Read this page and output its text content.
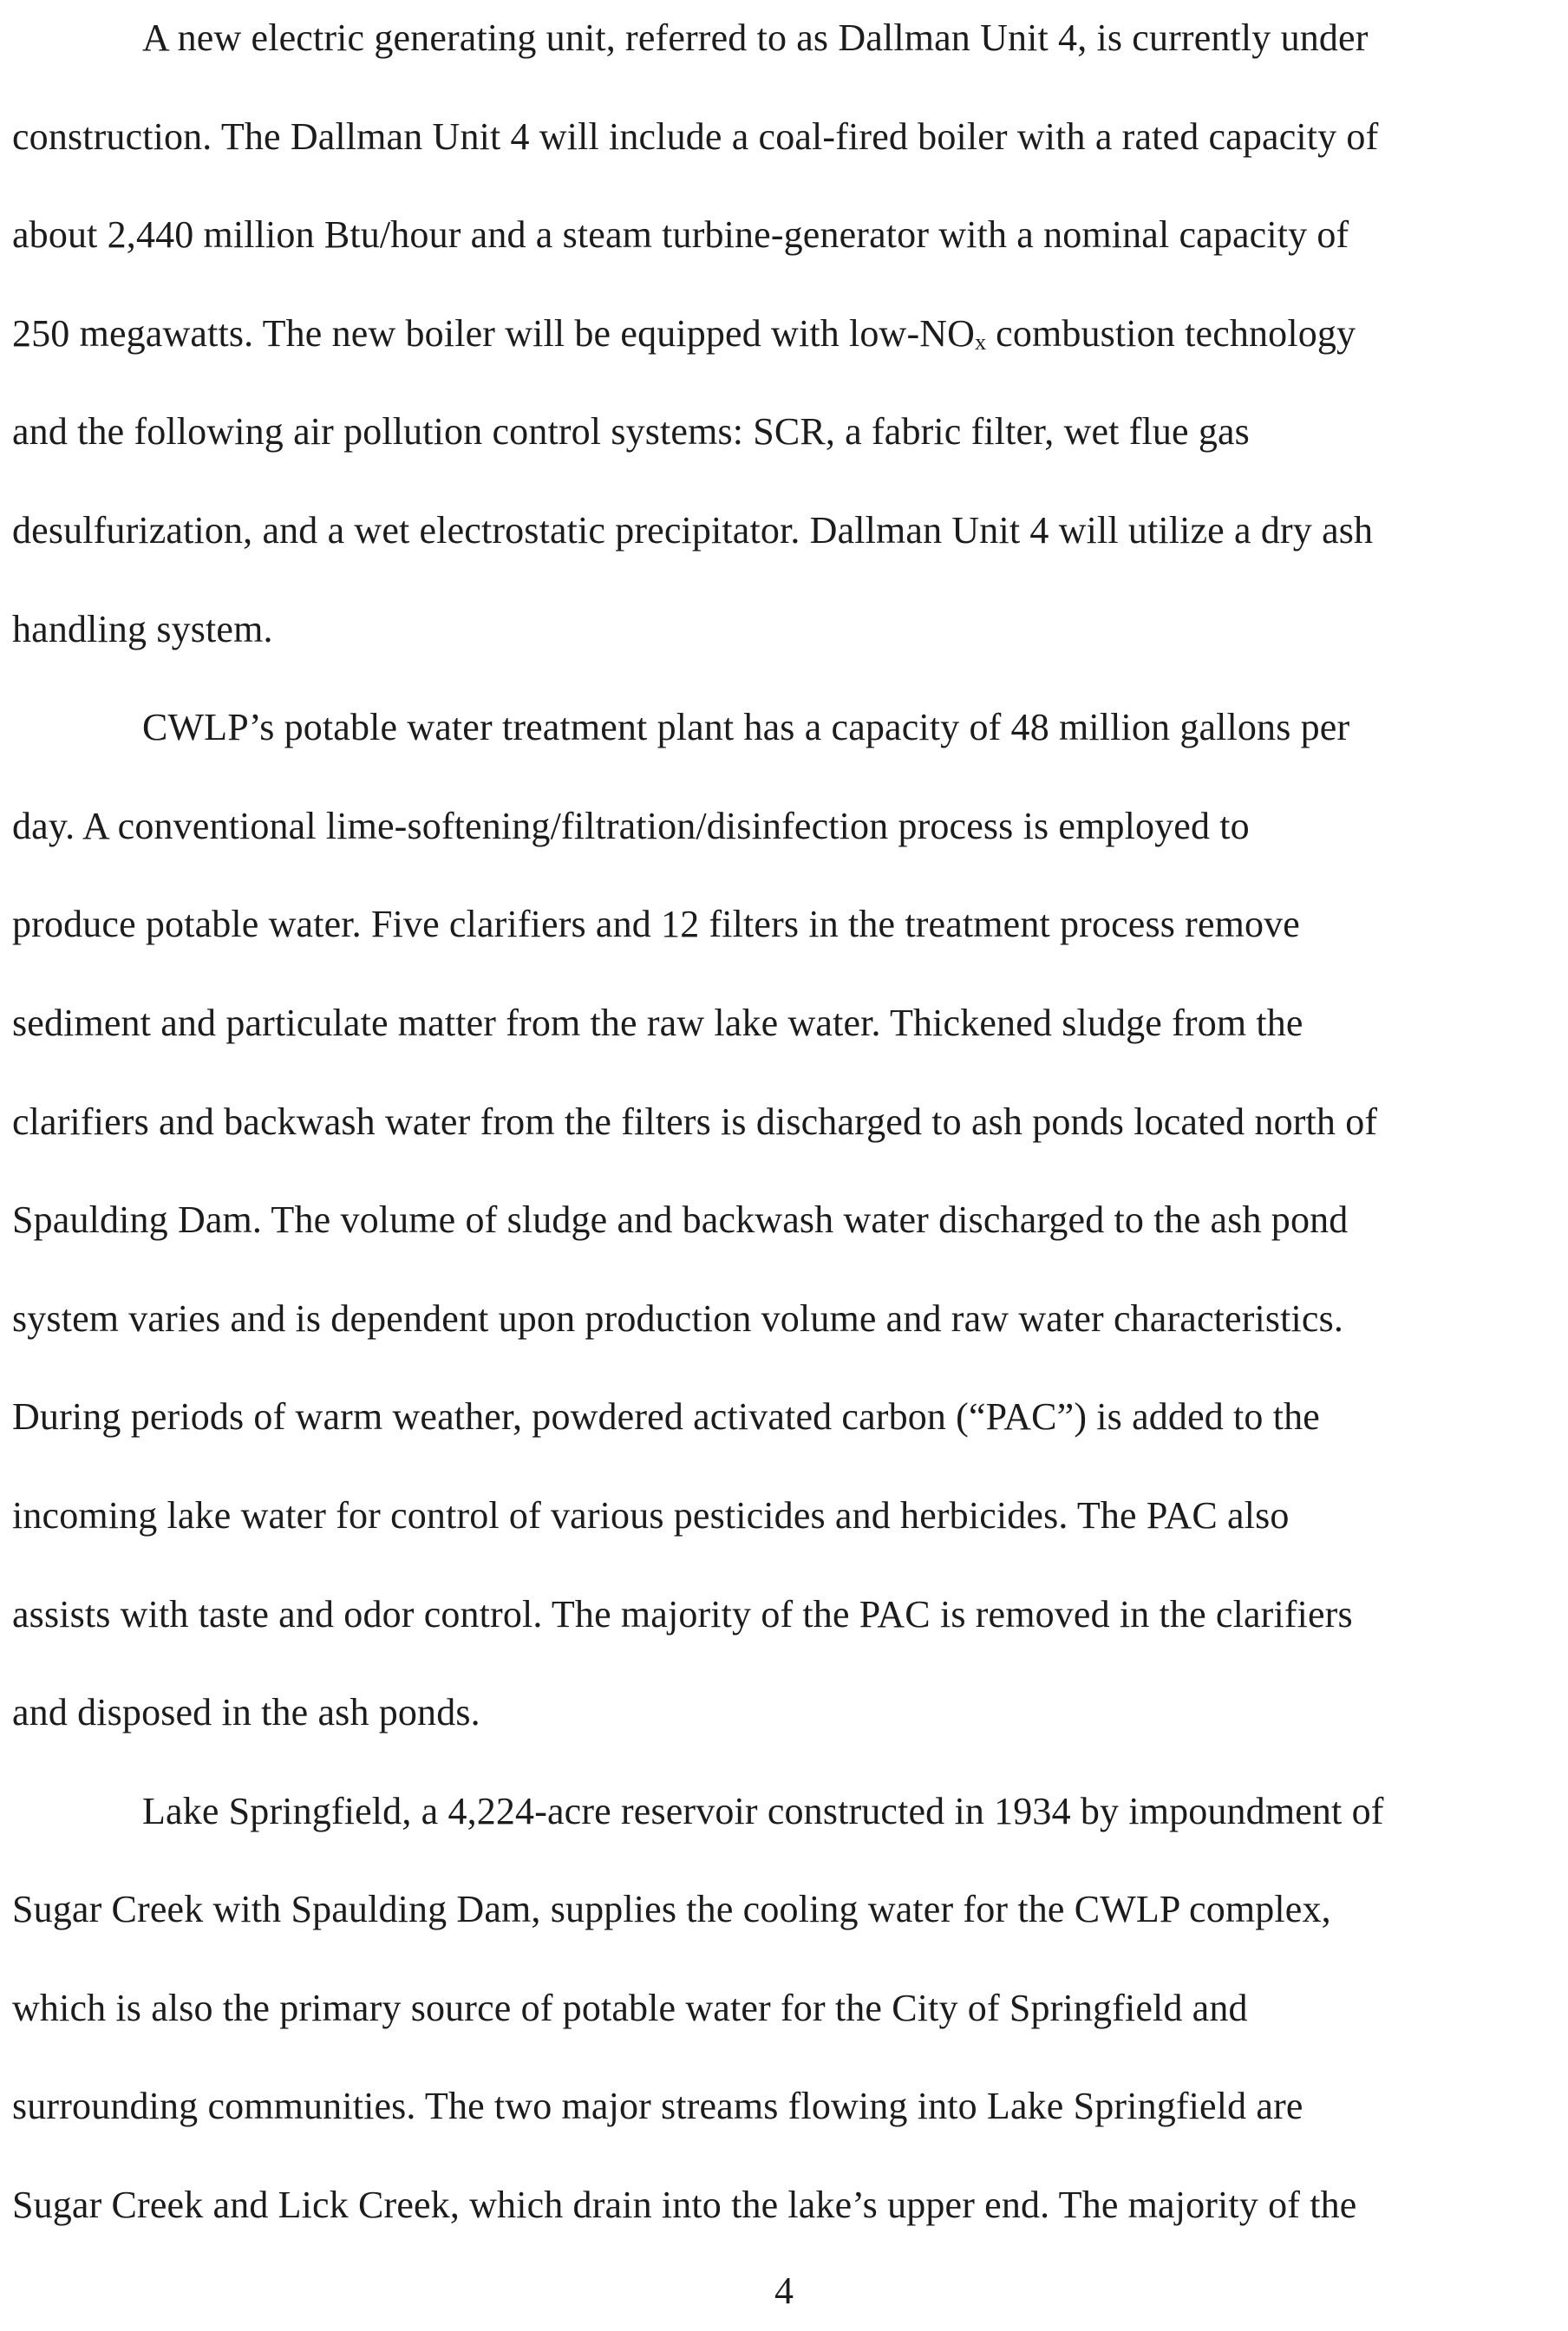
A new electric generating unit, referred to as Dallman Unit 4, is currently under
construction. The Dallman Unit 4 will include a coal-fired boiler with a rated capacity of
about 2,440 million Btu/hour and a steam turbine-generator with a nominal capacity of
250 megawatts. The new boiler will be equipped with low-NOₓ combustion technology
and the following air pollution control systems: SCR, a fabric filter, wet flue gas
desulfurization, and a wet electrostatic precipitator. Dallman Unit 4 will utilize a dry ash
handling system.
CWLP’s potable water treatment plant has a capacity of 48 million gallons per
day. A conventional lime-softening/filtration/disinfection process is employed to
produce potable water. Five clarifiers and 12 filters in the treatment process remove
sediment and particulate matter from the raw lake water. Thickened sludge from the
clarifiers and backwash water from the filters is discharged to ash ponds located north of
Spaulding Dam. The volume of sludge and backwash water discharged to the ash pond
system varies and is dependent upon production volume and raw water characteristics.
During periods of warm weather, powdered activated carbon (“PAC”) is added to the
incoming lake water for control of various pesticides and herbicides. The PAC also
assists with taste and odor control. The majority of the PAC is removed in the clarifiers
and disposed in the ash ponds.
Lake Springfield, a 4,224-acre reservoir constructed in 1934 by impoundment of
Sugar Creek with Spaulding Dam, supplies the cooling water for the CWLP complex,
which is also the primary source of potable water for the City of Springfield and
surrounding communities. The two major streams flowing into Lake Springfield are
Sugar Creek and Lick Creek, which drain into the lake’s upper end. The majority of the
4
